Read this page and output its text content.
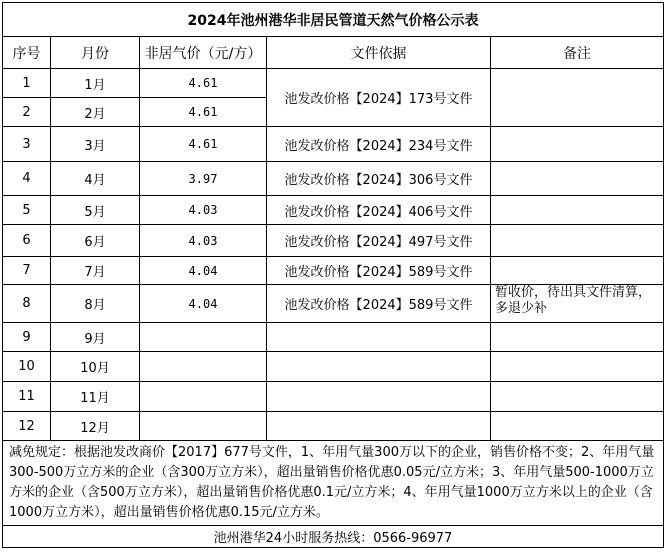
2024年池州港华非居民管道天然气价格公示表				
序号	月份	非居气价（元/方）	文件依据	备注
1	1月	4.61	池发改价格【2024】173号文件	
2	2月	4.61		
3	3月	4.61	池发改价格【2024】234号文件	
4	4月	3.97	池发改价格【2024】306号文件	
5	5月	4.03	池发改价格【2024】406号文件	
6	6月	4.03	池发改价格【2024】497号文件	
7	7月	4.04	池发改价格【2024】589号文件	
8	8月	4.04	池发改价格【2024】589号文件	暂收价，待出具文件清算，多退少补
9	9月			
10	10月			
11	11月			
12	12月			
减免规定：根据池发改商价【2017】677号文件，1、年用气量300万以下的企业，销售价格不变；2、年用气量300-500万立方米的企业（含300万立方米），超出量销售价格优惠0.05元/立方米；3、年用气量500-1000万立方米的企业（含500万立方米），超出量销售价格优惠0.1元/立方米；4、年用气量1000万立方米以上的企业（含1000万立方米），超出量销售价格优惠0.15元/立方米。				
池州港华24小时服务热线：0566-96977				
